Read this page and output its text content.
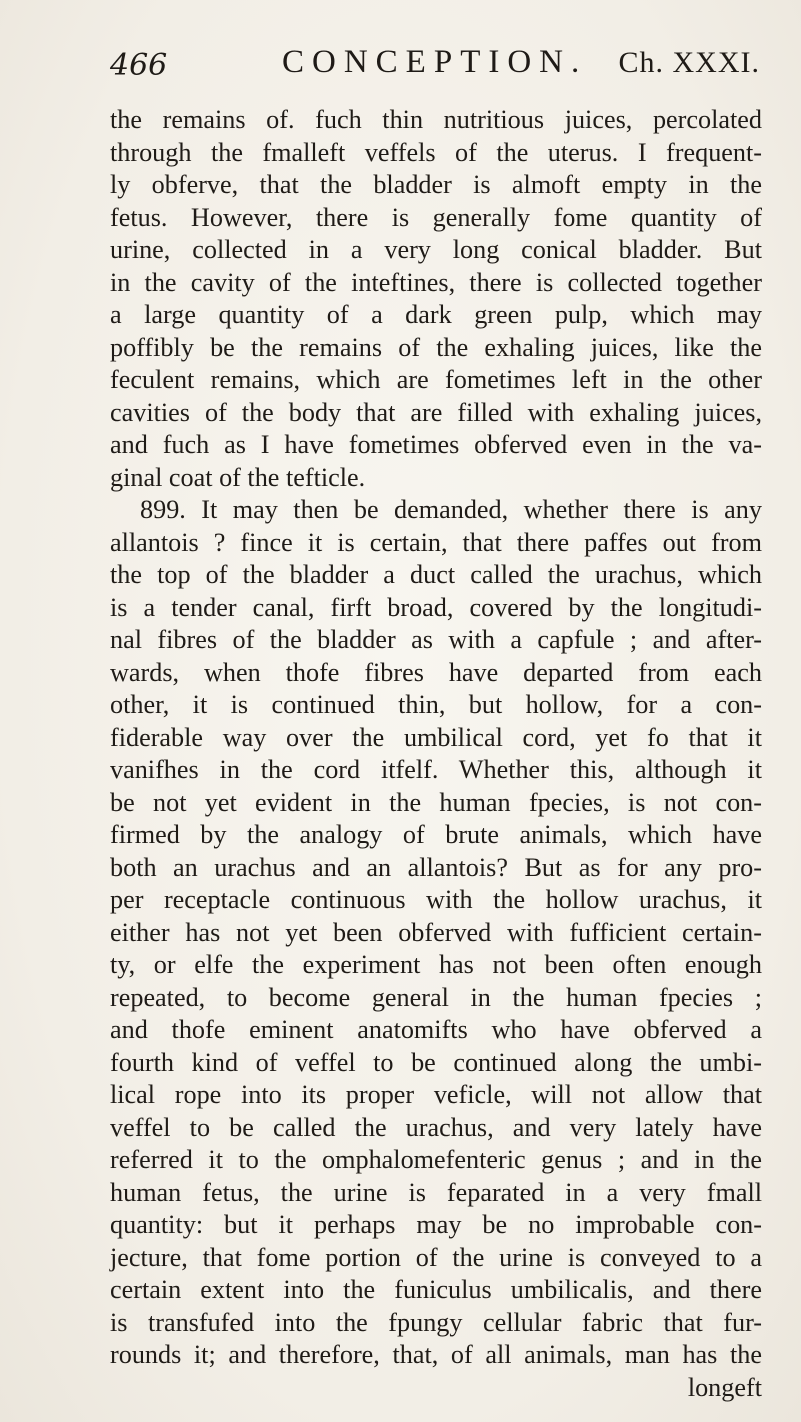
466	CONCEPTION. Ch. XXXI.
the remains of. fuch thin nutritious juices, percolated
through the fmalleft veffels of the uterus. I frequent-
ly obferve, that the bladder is almoft empty in the
fetus. However, there is generally fome quantity of
urine, collected in a very long conical bladder. But
in the cavity of the inteftines, there is collected together
a large quantity of a dark green pulp, which may
poffibly be the remains of the exhaling juices, like the
feculent remains, which are fometimes left in the other
cavities of the body that are filled with exhaling juices,
and fuch as I have fometimes obferved even in the va-
ginal coat of the tefticle.
899. It may then be demanded, whether there is any
allantois ? fince it is certain, that there paffes out from
the top of the bladder a duct called the urachus, which
is a tender canal, firft broad, covered by the longitudi-
nal fibres of the bladder as with a capfule ; and after-
wards, when thofe fibres have departed from each
other, it is continued thin, but hollow, for a con-
fiderable way over the umbilical cord, yet fo that it
vanifhes in the cord itfelf. Whether this, although it
be not yet evident in the human fpecies, is not con-
firmed by the analogy of brute animals, which have
both an urachus and an allantois? But as for any pro-
per receptacle continuous with the hollow urachus, it
either has not yet been obferved with fufficient certain-
ty, or elfe the experiment has not been often enough
repeated, to become general in the human fpecies ;
and thofe eminent anatomifts who have obferved a
fourth kind of veffel to be continued along the umbi-
lical rope into its proper veficle, will not allow that
veffel to be called the urachus, and very lately have
referred it to the omphalomefenteric genus ; and in the
human fetus, the urine is feparated in a very fmall
quantity: but it perhaps may be no improbable con-
jecture, that fome portion of the urine is conveyed to a
certain extent into the funiculus umbilicalis, and there
is transfufed into the fpungy cellular fabric that fur-
rounds it; and therefore, that, of all animals, man has the
longeft
